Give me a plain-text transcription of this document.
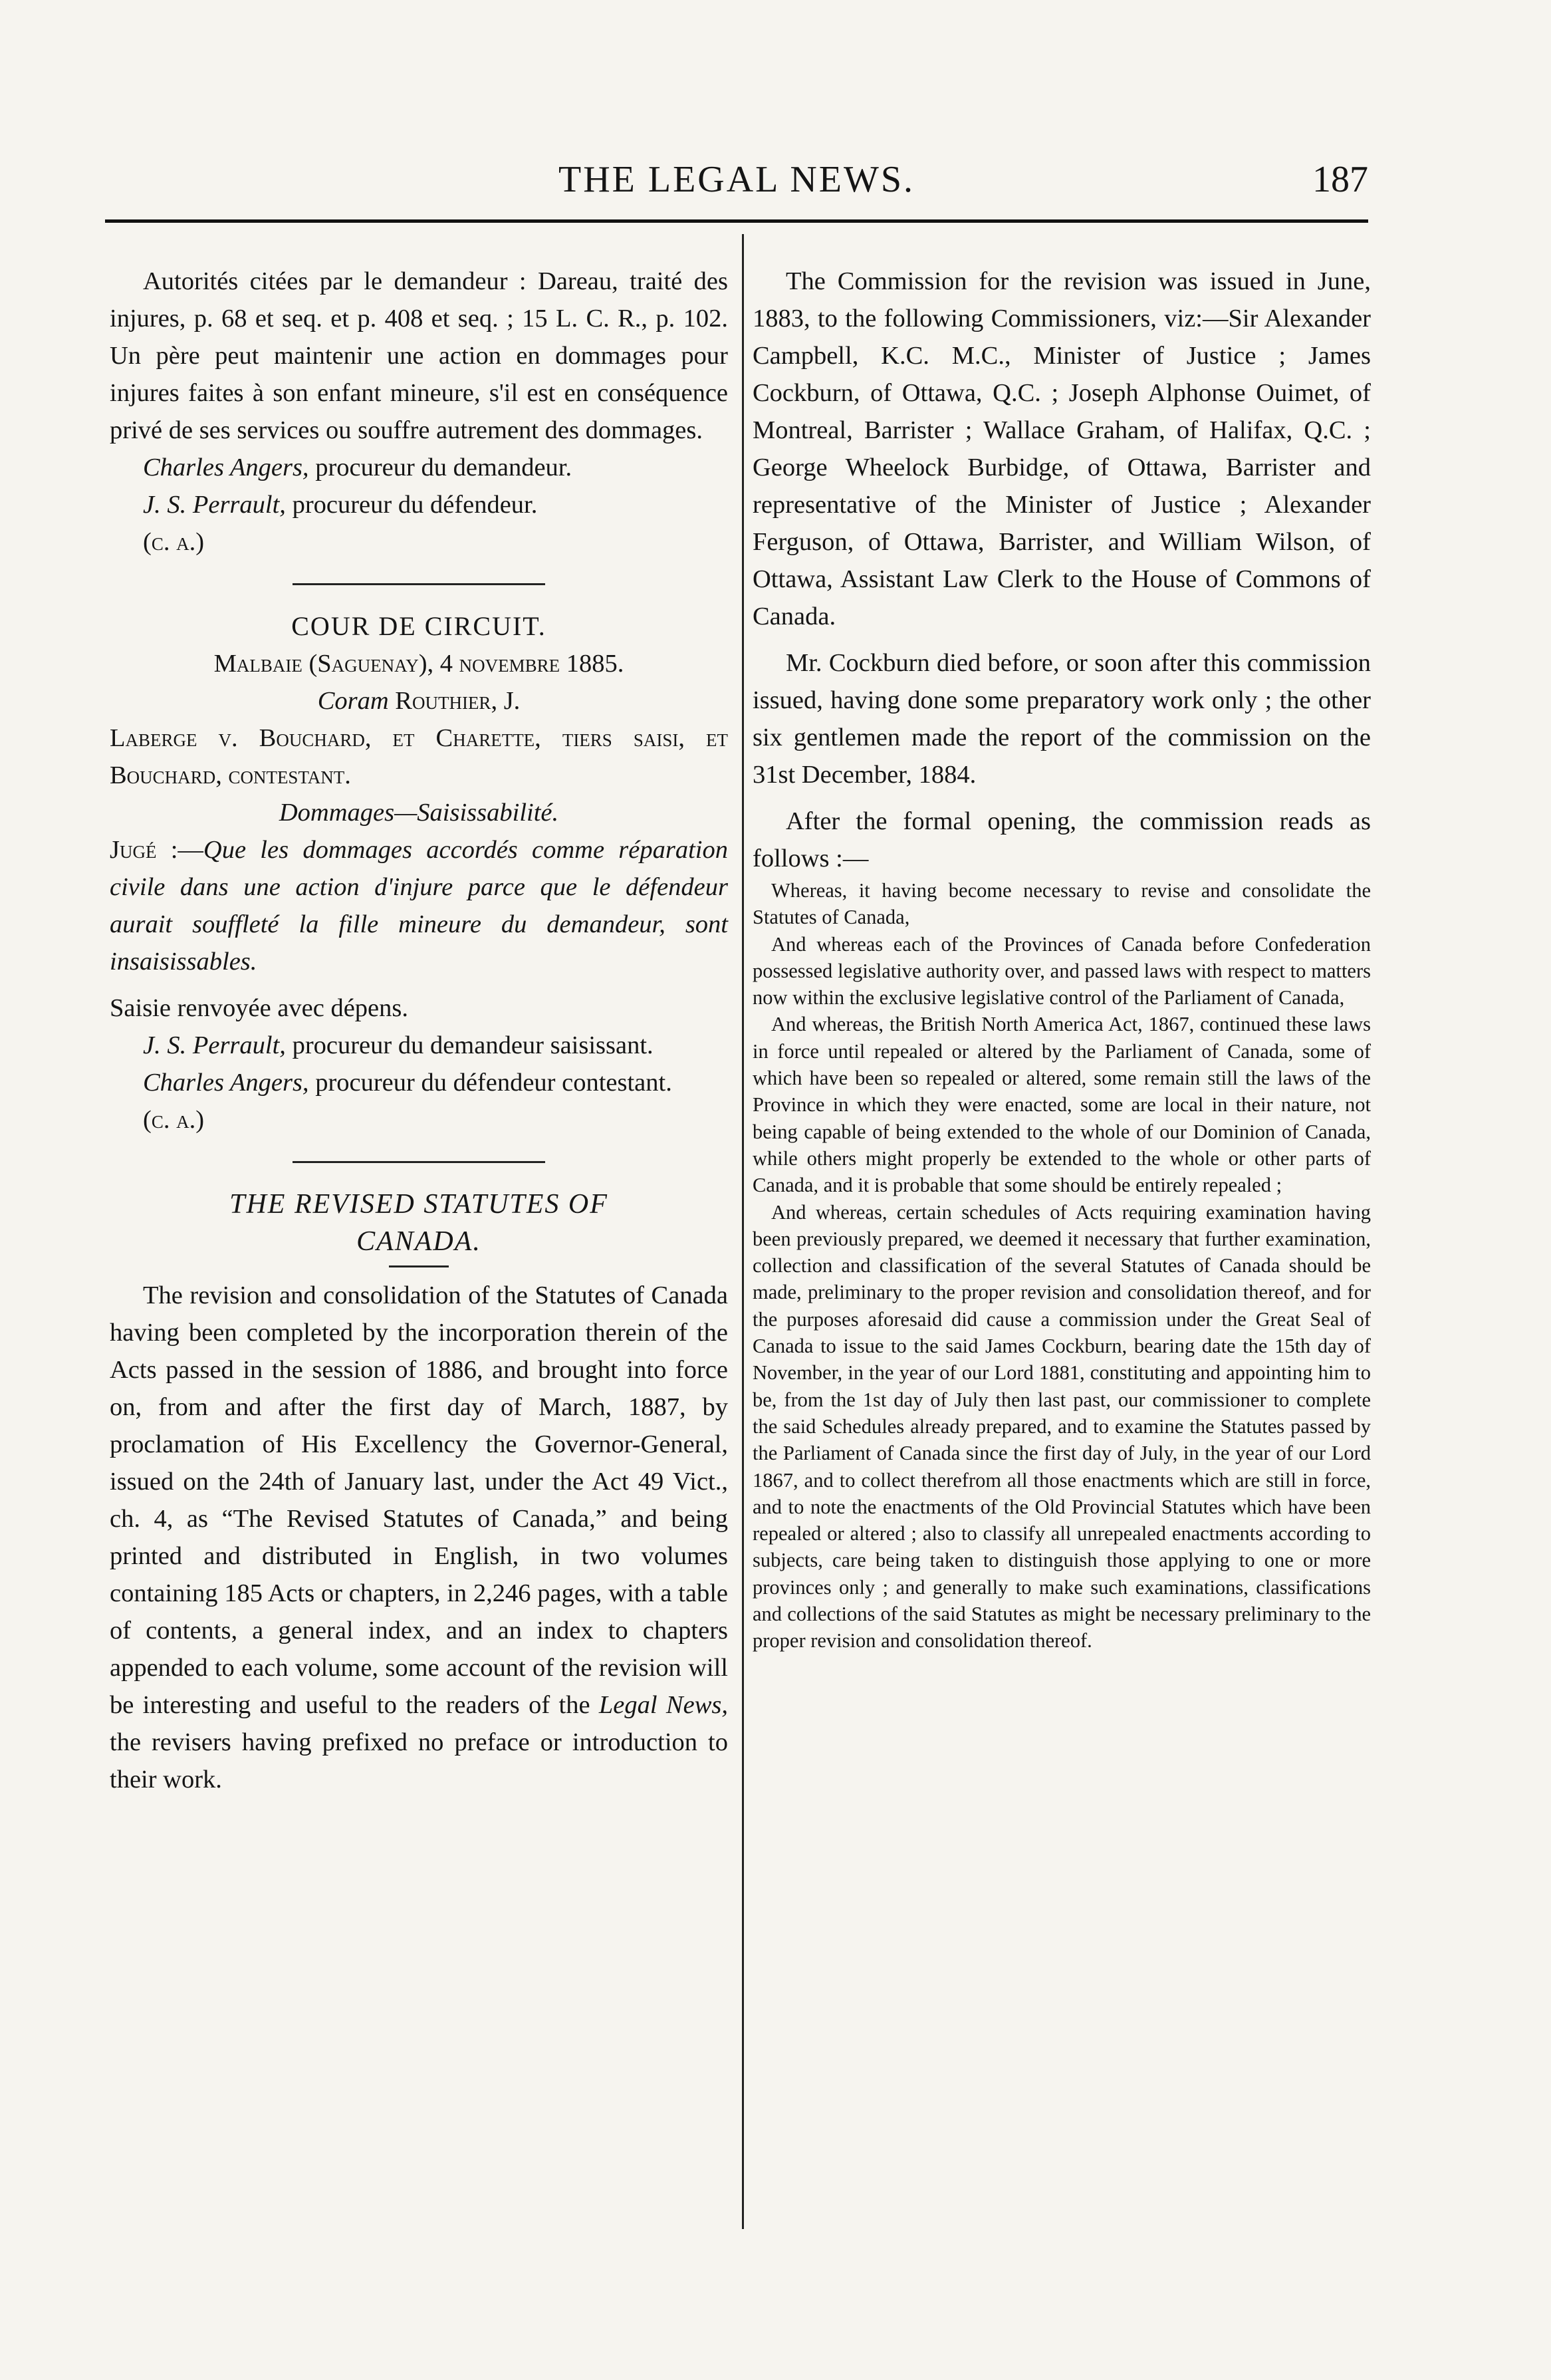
THE LEGAL NEWS.	187

Autorités citées par le demandeur : Dareau, traité des injures, p. 68 et seq. et p. 408 et seq. ; 15 L. C. R., p. 102. Un père peut maintenir une action en dommages pour injures faites à son enfant mineure, s'il est en conséquence privé de ses services ou souffre autrement des dommages.

Charles Angers, procureur du demandeur.

J. S. Perrault, procureur du défendeur.

(c. a.)

COUR DE CIRCUIT.

Malbaie (Saguenay), 4 novembre 1885.

Coram Routhier, J.

Laberge v. Bouchard, et Charette, tiers saisi, et Bouchard, contestant.

Dommages—Saisissabilité.

Jugé :—Que les dommages accordés comme réparation civile dans une action d'injure parce que le défendeur aurait souffleté la fille mineure du demandeur, sont insaisissables.

Saisie renvoyée avec dépens.

J. S. Perrault, procureur du demandeur saisissant.

Charles Angers, procureur du défendeur contestant.

(c. a.)

THE REVISED STATUTES OF
CANADA.

The revision and consolidation of the Statutes of Canada having been completed by the incorporation therein of the Acts passed in the session of 1886, and brought into force on, from and after the first day of March, 1887, by proclamation of His Excellency the Governor-General, issued on the 24th of January last, under the Act 49 Vict., ch. 4, as “The Revised Statutes of Canada,” and being printed and distributed in English, in two volumes containing 185 Acts or chapters, in 2,246 pages, with a table of contents, a general index, and an index to chapters appended to each volume, some account of the revision will be interesting and useful to the readers of the Legal News, the revisers having prefixed no preface or introduction to their work.

The Commission for the revision was issued in June, 1883, to the following Commissioners, viz:—Sir Alexander Campbell, K.C. M.C., Minister of Justice ; James Cockburn, of Ottawa, Q.C. ; Joseph Alphonse Ouimet, of Montreal, Barrister ; Wallace Graham, of Halifax, Q.C. ; George Wheelock Burbidge, of Ottawa, Barrister and representative of the Minister of Justice ; Alexander Ferguson, of Ottawa, Barrister, and William Wilson, of Ottawa, Assistant Law Clerk to the House of Commons of Canada.

Mr. Cockburn died before, or soon after this commission issued, having done some preparatory work only ; the other six gentlemen made the report of the commission on the 31st December, 1884.

After the formal opening, the commission reads as follows :—

Whereas, it having become necessary to revise and consolidate the Statutes of Canada,

And whereas each of the Provinces of Canada before Confederation possessed legislative authority over, and passed laws with respect to matters now within the exclusive legislative control of the Parliament of Canada,

And whereas, the British North America Act, 1867, continued these laws in force until repealed or altered by the Parliament of Canada, some of which have been so repealed or altered, some remain still the laws of the Province in which they were enacted, some are local in their nature, not being capable of being extended to the whole of our Dominion of Canada, while others might properly be extended to the whole or other parts of Canada, and it is probable that some should be entirely repealed ;

And whereas, certain schedules of Acts requiring examination having been previously prepared, we deemed it necessary that further examination, collection and classification of the several Statutes of Canada should be made, preliminary to the proper revision and consolidation thereof, and for the purposes aforesaid did cause a commission under the Great Seal of Canada to issue to the said James Cockburn, bearing date the 15th day of November, in the year of our Lord 1881, constituting and appointing him to be, from the 1st day of July then last past, our commissioner to complete the said Schedules already prepared, and to examine the Statutes passed by the Parliament of Canada since the first day of July, in the year of our Lord 1867, and to collect therefrom all those enactments which are still in force, and to note the enactments of the Old Provincial Statutes which have been repealed or altered ; also to classify all unrepealed enactments according to subjects, care being taken to distinguish those applying to one or more provinces only ; and generally to make such examinations, classifications and collections of the said Statutes as might be necessary preliminary to the proper revision and consolidation thereof.
